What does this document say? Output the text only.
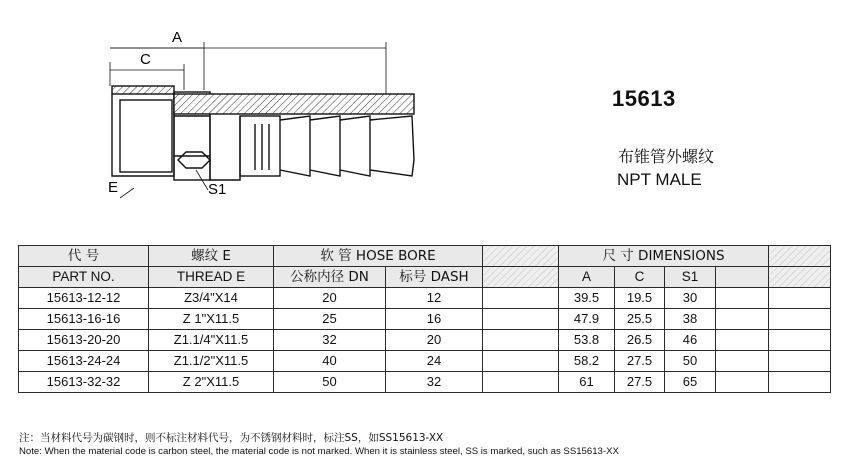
A
C
E	S1
15613
布锥管外螺纹
NPT MALE
代 号	螺纹 E	软 管 HOSE BORE			尺 寸 DIMENSIONS				
PART NO.	THREAD E	公称内径 DN	标号 DASH		A	C	S1		
15613-12-12	Z3/4"X14	20	12		39.5	19.5	30		
15613-16-16	Z 1"X11.5	25	16		47.9	25.5	38		
15613-20-20	Z1.1/4"X11.5	32	20		53.8	26.5	46		
15613-24-24	Z1.1/2"X11.5	40	24		58.2	27.5	50		
15613-32-32	Z 2"X11.5	50	32		61	27.5	65		
注：当材料代号为碳钢时，则不标注材料代号，为不锈钢材料时，标注SS，如SS15613-XX
Note: When the material code is carbon steel, the material code is not marked. When it is stainless steel, SS is marked, such as SS15613-XX
